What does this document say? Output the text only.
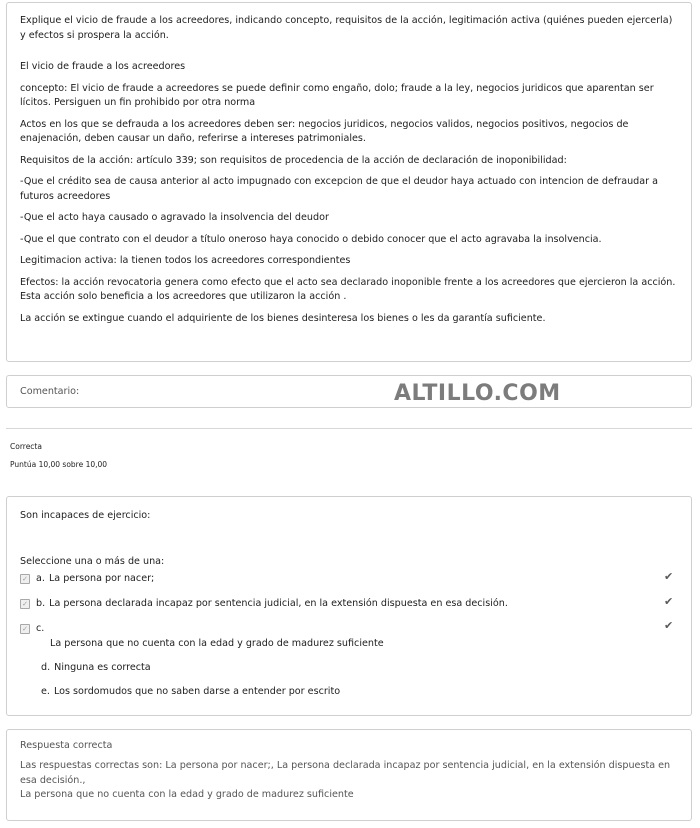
Explique el vicio de fraude a los acreedores, indicando concepto, requisitos de la acción, legitimación activa (quiénes pueden ejercerla) y efectos si prospera la acción.

El vicio de fraude a los acreedores

concepto: El vicio de fraude a acreedores se puede definir como engaño, dolo; fraude a la ley, negocios juridicos que aparentan ser lícitos. Persiguen un fin prohibido por otra norma

Actos en los que se defrauda a los acreedores deben ser: negocios juridicos, negocios validos, negocios positivos, negocios de enajenación, deben causar un daño, referirse a intereses patrimoniales.

Requisitos de la acción: artículo 339; son requisitos de procedencia de la acción de declaración de inoponibilidad:

-Que el crédito sea de causa anterior al acto impugnado con excepcion de que el deudor haya actuado con intencion de defraudar a futuros acreedores

-Que el acto haya causado o agravado la insolvencia del deudor

-Que el que contrato con el deudor a título oneroso haya conocido o debido conocer que el acto agravaba la insolvencia.

Legitimacion activa: la tienen todos los acreedores correspondientes

Efectos: la acción revocatoria genera como efecto que el acto sea declarado inoponible frente a los acreedores que ejercieron la acción. Esta acción solo beneficia a los acreedores que utilizaron la acción .

La acción se extingue cuando el adquiriente de los bienes desinteresa los bienes o les da garantía suficiente.

Comentario:	ALTILLO.COM
Correcta
Puntúa 10,00 sobre 10,00
Son incapaces de ejercicio:
Seleccione una o más de una:
✓ a. La persona por nacer;	✔
✓ b. La persona declarada incapaz por sentencia judicial, en la extensión dispuesta en esa decisión.	✔
✓ c.
La persona que no cuenta con la edad y grado de madurez suficiente
✔
d. Ninguna es correcta
e. Los sordomudos que no saben darse a entender por escrito
Respuesta correcta
Las respuestas correctas son: La persona por nacer;, La persona declarada incapaz por sentencia judicial, en la extensión dispuesta en esa decisión.,
La persona que no cuenta con la edad y grado de madurez suficiente
